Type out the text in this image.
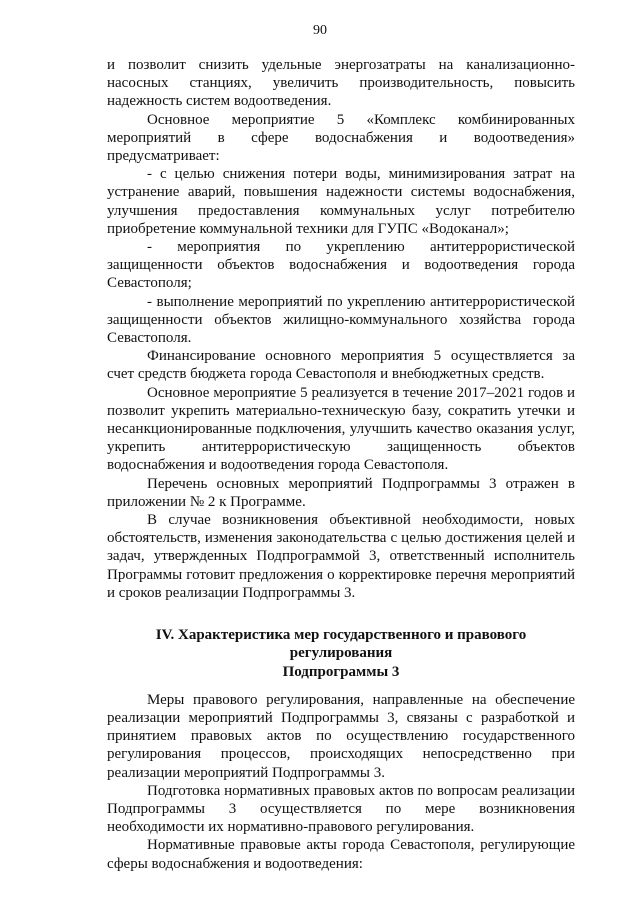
90

и позволит снизить удельные энергозатраты на канализационно-насосных станциях, увеличить производительность, повысить надежность систем водоотведения.

Основное мероприятие 5 «Комплекс комбинированных мероприятий в сфере водоснабжения и водоотведения» предусматривает:

- с целью снижения потери воды, минимизирования затрат на устранение аварий, повышения надежности системы водоснабжения, улучшения предоставления коммунальных услуг потребителю приобретение коммунальной техники для ГУПС «Водоканал»;

- мероприятия по укреплению антитеррористической защищенности объектов водоснабжения и водоотведения города Севастополя;

- выполнение мероприятий по укреплению антитеррористической защищенности объектов жилищно-коммунального хозяйства города Севастополя.

Финансирование основного мероприятия 5 осуществляется за счет средств бюджета города Севастополя и внебюджетных средств.

Основное мероприятие 5 реализуется в течение 2017–2021 годов и позволит укрепить материально-техническую базу, сократить утечки и несанкционированные подключения, улучшить качество оказания услуг, укрепить антитеррористическую защищенность объектов водоснабжения и водоотведения города Севастополя.

Перечень основных мероприятий Подпрограммы 3 отражен в приложении № 2 к Программе.

В случае возникновения объективной необходимости, новых обстоятельств, изменения законодательства с целью достижения целей и задач, утвержденных Подпрограммой 3, ответственный исполнитель Программы готовит предложения о корректировке перечня мероприятий и сроков реализации Подпрограммы 3.

IV. Характеристика мер государственного и правового регулирования
Подпрограммы 3

Меры правового регулирования, направленные на обеспечение реализации мероприятий Подпрограммы 3, связаны с разработкой и принятием правовых актов по осуществлению государственного регулирования процессов, происходящих непосредственно при реализации мероприятий Подпрограммы 3.

Подготовка нормативных правовых актов по вопросам реализации Подпрограммы 3 осуществляется по мере возникновения необходимости их нормативно-правового регулирования.

Нормативные правовые акты города Севастополя, регулирующие сферы водоснабжения и водоотведения:
